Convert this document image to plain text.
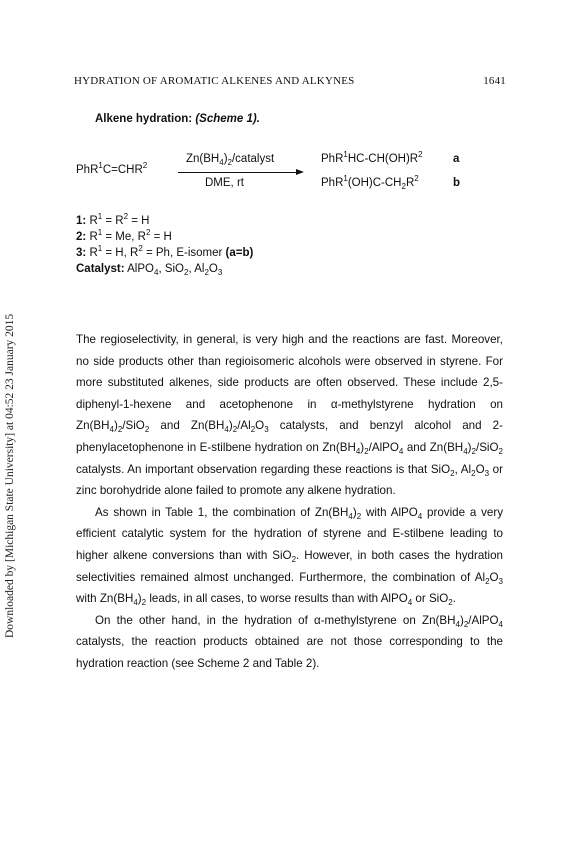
Downloaded by [Michigan State University] at 04:52 23 January 2015
HYDRATION OF AROMATIC ALKENES AND ALKYNES	1641
Alkene hydration: (Scheme 1).
$PhR^1C=CHR^2$
$Zn(BH_4)_2$/catalyst
DME, rt
$PhR^1HC-CH(OH)R^2$	a
$PhR^1(OH)C-CH_2R^2$	b
1: $R^1 = R^2 = H$
2: $R^1 = Me$, $R^2 = H$
3: $R^1 = H$, $R^2 = Ph$, E-isomer (a=b)
Catalyst: AlPO$_4$, SiO$_2$, $Al_2O_3$

The regioselectivity, in general, is very high and the reactions are fast. Moreover, no side products other than regioisomeric alcohols were observed in styrene. For more substituted alkenes, side products are often observed. These include 2,5-diphenyl-1-hexene and acetophenone in α-methylstyrene hydration on $Zn(BH_4)_2/SiO_2$ and $Zn(BH_4)_2/Al_2O_3$ catalysts, and benzyl alcohol and 2-phenylacetophenone in E-stilbene hydration on $Zn(BH_4)_2/AlPO_4$ and $Zn(BH_4)_2/SiO_2$ catalysts. An important observation regarding these reactions is that SiO$_2$, $Al_2O_3$ or zinc borohydride alone failed to promote any alkene hydration.

As shown in Table 1, the combination of $Zn(BH_4)_2$ with AlPO$_4$ provide a very efficient catalytic system for the hydration of styrene and E-stilbene leading to higher alkene conversions than with SiO$_2$. However, in both cases the hydration selectivities remained almost unchanged. Furthermore, the combination of $Al_2O_3$ with $Zn(BH_4)_2$ leads, in all cases, to worse results than with AlPO$_4$ or SiO$_2$.

On the other hand, in the hydration of α-methylstyrene on $Zn(BH_4)_2/AlPO_4$ catalysts, the reaction products obtained are not those corresponding to the hydration reaction (see Scheme 2 and Table 2).
